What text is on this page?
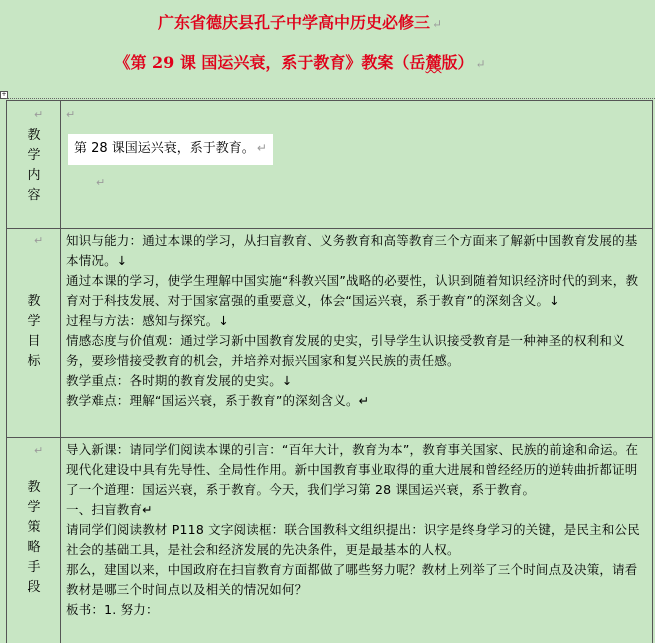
广东省德庆县孔子中学高中历史必修三 ↵
《第 29 课 国运兴衰，系于教育》教案（岳麓版） ↵
+
↵
教
学
内
容
↵
第 28 课国运兴衰，系于教育。 ↵
↵
↵
教
学
目
标

知识与能力：通过本课的学习，从扫盲教育、义务教育和高等教育三个方面来了解新中国教育发展的基本情况。↓

通过本课的学习，使学生理解中国实施“科教兴国”战略的必要性，认识到随着知识经济时代的到来，教育对于科技发展、对于国家富强的重要意义，体会“国运兴衰，系于教育”的深刻含义。↓

过程与方法：感知与探究。↓

情感态度与价值观：通过学习新中国教育发展的史实，引导学生认识接受教育是一种神圣的权利和义务，要珍惜接受教育的机会，并培养对振兴国家和复兴民族的责任感。

教学重点：各时期的教育发展的史实。↓

教学难点：理解“国运兴衰，系于教育”的深刻含义。↵

↵
教
学
策
略
手
段

导入新课：请同学们阅读本课的引言：“百年大计，教育为本”，教育事关国家、民族的前途和命运。在现代化建设中具有先导性、全局性作用。新中国教育事业取得的重大进展和曾经经历的逆转曲折都证明了一个道理：国运兴衰，系于教育。今天，我们学习第 28 课国运兴衰，系于教育。

一、扫盲教育↵

请同学们阅读教材 P118 文字阅读框：联合国教科文组织提出：识字是终身学习的关键，是民主和公民社会的基础工具，是社会和经济发展的先决条件，更是最基本的人权。

那么，建国以来，中国政府在扫盲教育方面都做了哪些努力呢？教材上列举了三个时间点及决策，请看教材是哪三个时间点以及相关的情况如何？

板书：1. 努力：
